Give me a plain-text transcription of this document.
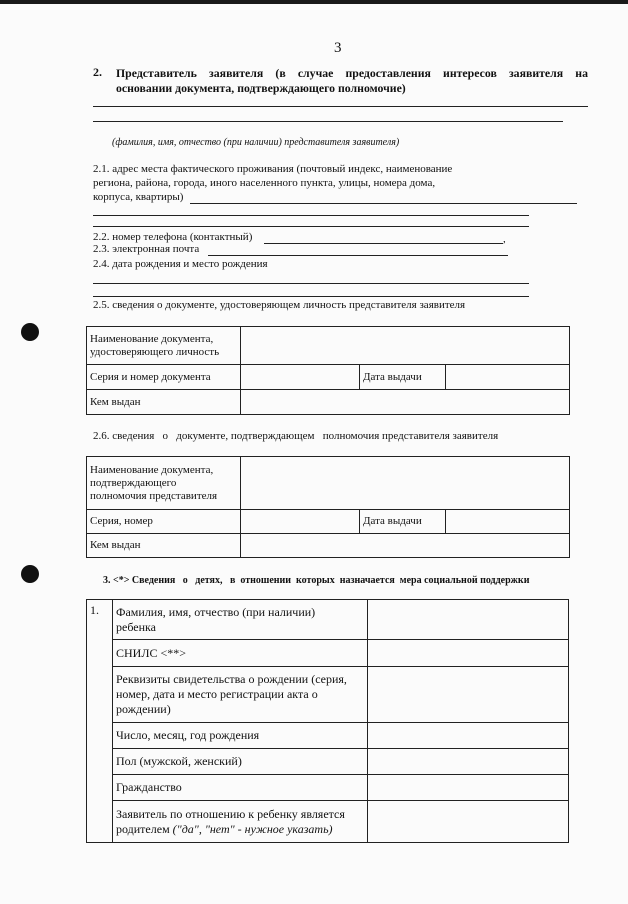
3
2. Представитель заявителя (в случае предоставления интересов заявителя на
основании документа, подтверждающего полномочие)
(фамилия, имя, отчество (при наличии) представителя заявителя)
2.1. адрес места фактического проживания (почтовый индекс, наименование
региона, района, города, иного населенного пункта, улицы, номера дома,
корпуса, квартиры)
2.2. номер телефона (контактный)	,
2.3. электронная почта
2.4. дата рождения и место рождения
2.5. сведения о документе, удостоверяющем личность представителя заявителя
Наименование документа,
удостоверяющего личность			

Серия и номер документа		Дата выдачи	
Кем выдан			
2.6. сведения   о   документе, подтверждающем   полномочия представителя заявителя
Наименование документа,
подтверждающего
полномочия представителя			

Серия, номер		Дата выдачи	
Кем выдан			
3. <*> Сведения   о   детях,   в  отношении  которых  назначается  мера социальной поддержки
1.	Фамилия, имя, отчество (при наличии)
ребенка	

	СНИЛС <**>	

	Реквизиты свидетельства о рождении (серия,
номер, дата и место регистрации акта о
рождении)	

	Число, месяц, год рождения	
	Пол (мужской, женский)	
	Гражданство	

	Заявитель по отношению к ребенку является
родителем ("да", "нет" - нужное указать)	
